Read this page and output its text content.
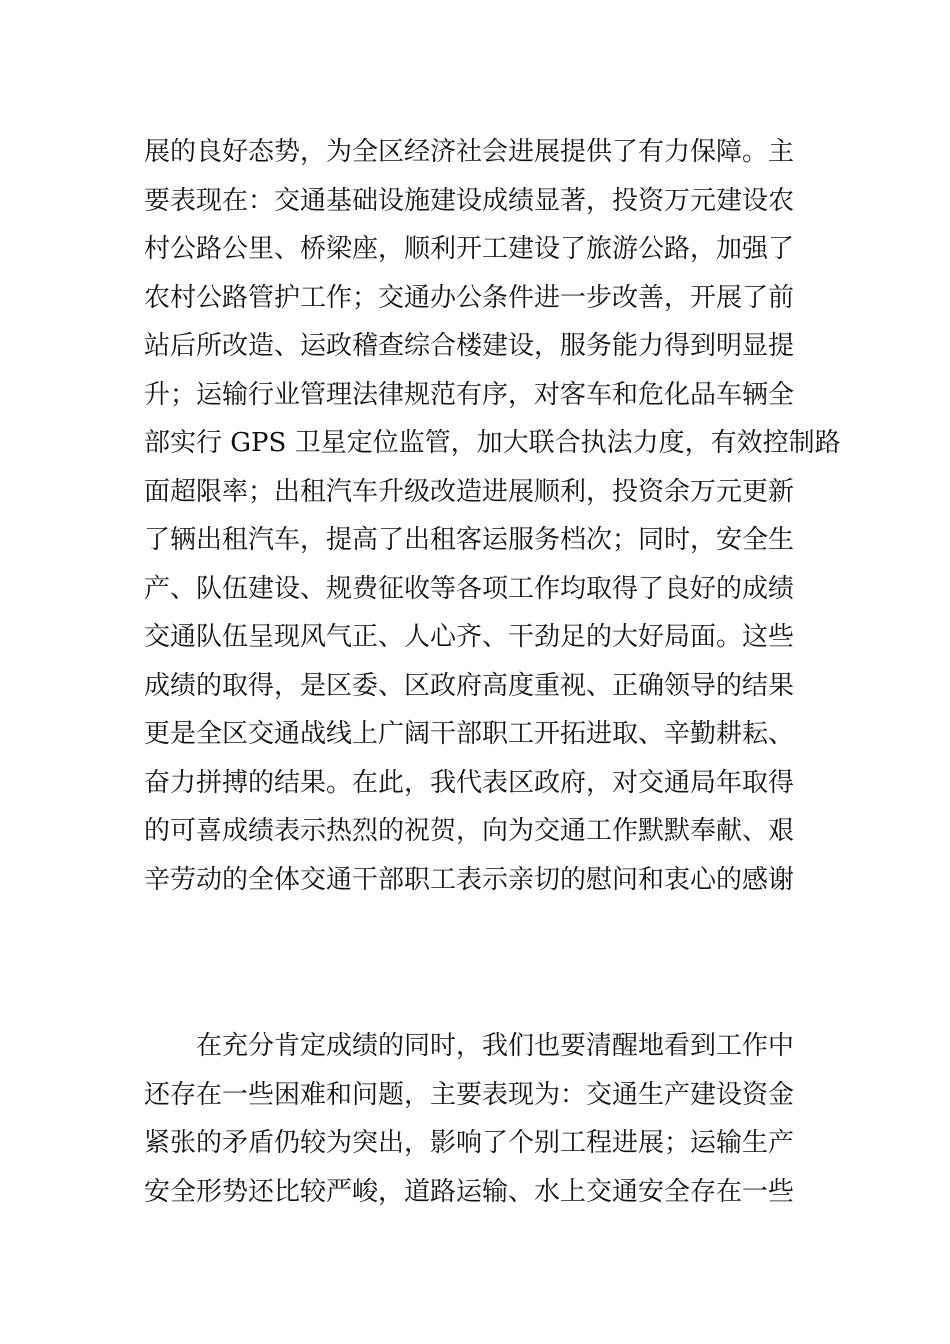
展的良好态势，为全区经济社会进展提供了有力保障。主
要表现在：交通基础设施建设成绩显著，投资万元建设农
村公路公里、桥梁座，顺利开工建设了旅游公路，加强了
农村公路管护工作；交通办公条件进一步改善，开展了前
站后所改造、运政稽查综合楼建设，服务能力得到明显提
升；运输行业管理法律规范有序，对客车和危化品车辆全
部实行 GPS 卫星定位监管，加大联合执法力度，有效控制路
面超限率；出租汽车升级改造进展顺利，投资余万元更新
了辆出租汽车，提高了出租客运服务档次；同时，安全生
产、队伍建设、规费征收等各项工作均取得了良好的成绩
交通队伍呈现风气正、人心齐、干劲足的大好局面。这些
成绩的取得，是区委、区政府高度重视、正确领导的结果
更是全区交通战线上广阔干部职工开拓进取、辛勤耕耘、
奋力拼搏的结果。在此，我代表区政府，对交通局年取得
的可喜成绩表示热烈的祝贺，向为交通工作默默奉献、艰
辛劳动的全体交通干部职工表示亲切的慰问和衷心的感谢
　　在充分肯定成绩的同时，我们也要清醒地看到工作中
还存在一些困难和问题，主要表现为：交通生产建设资金
紧张的矛盾仍较为突出，影响了个别工程进展；运输生产
安全形势还比较严峻，道路运输、水上交通安全存在一些
